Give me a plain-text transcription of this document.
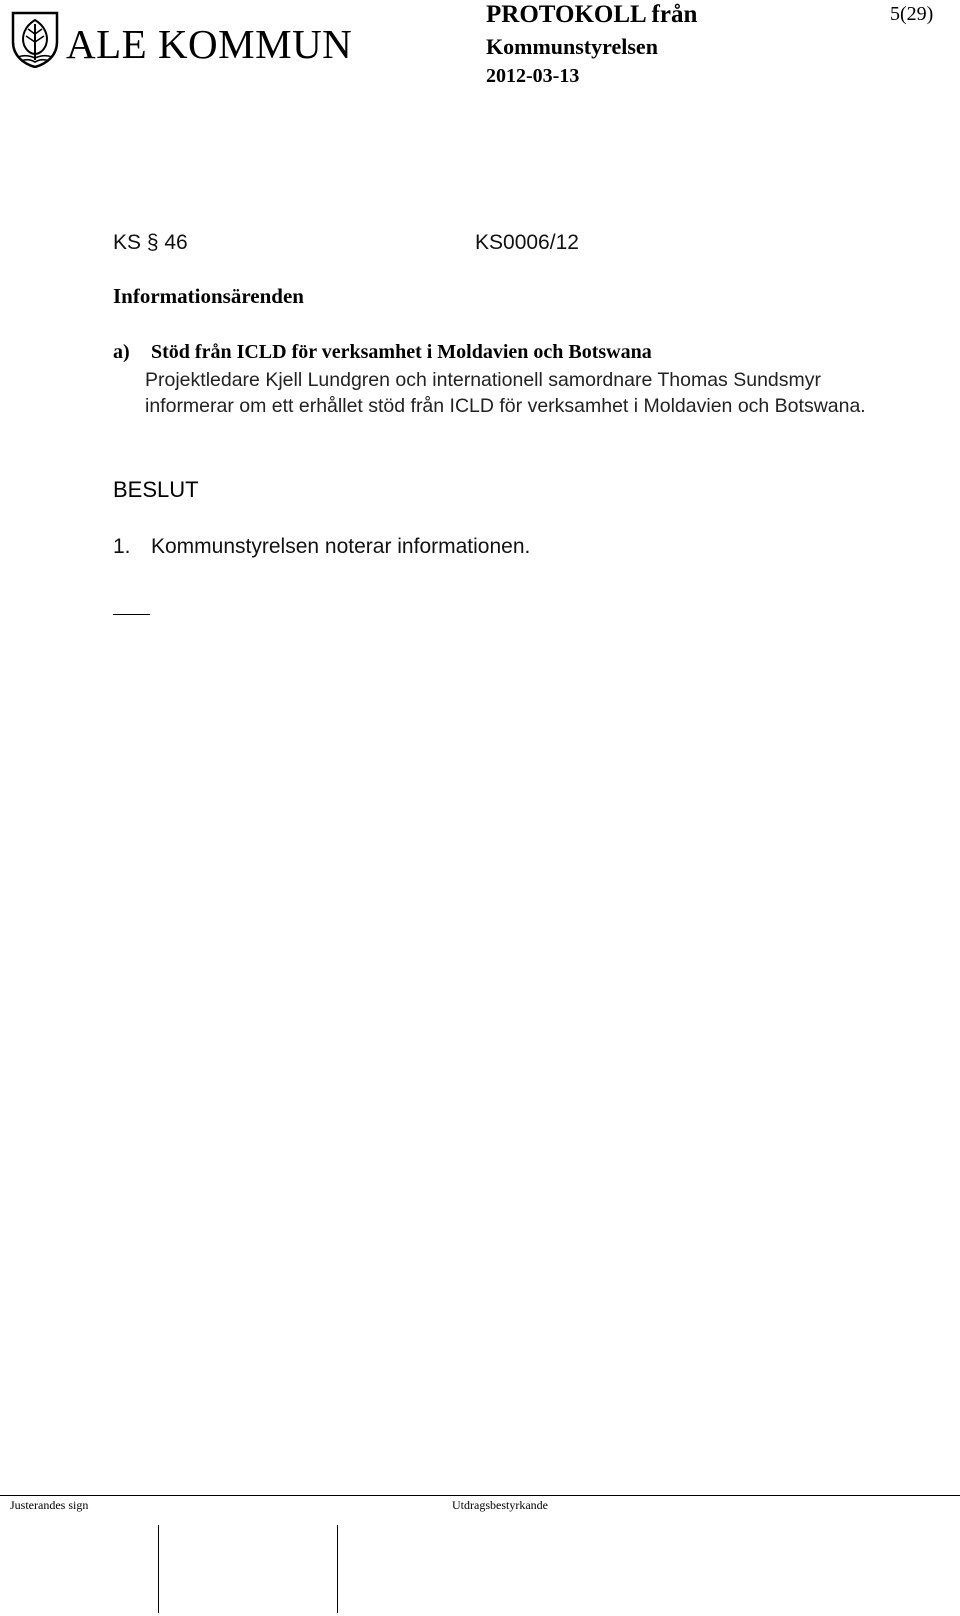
ALE KOMMUN
PROTOKOLL från
Kommunstyrelsen
2012-03-13
5(29)
KS § 46	KS0006/12
Informationsärenden
a) Stöd från ICLD för verksamhet i Moldavien och Botswana
Projektledare Kjell Lundgren och internationell samordnare Thomas Sundsmyr informerar om ett erhållet stöd från ICLD för verksamhet i Moldavien och Botswana.
BESLUT
1. Kommunstyrelsen noterar informationen.
Justerandes sign	Utdragsbestyrkande
